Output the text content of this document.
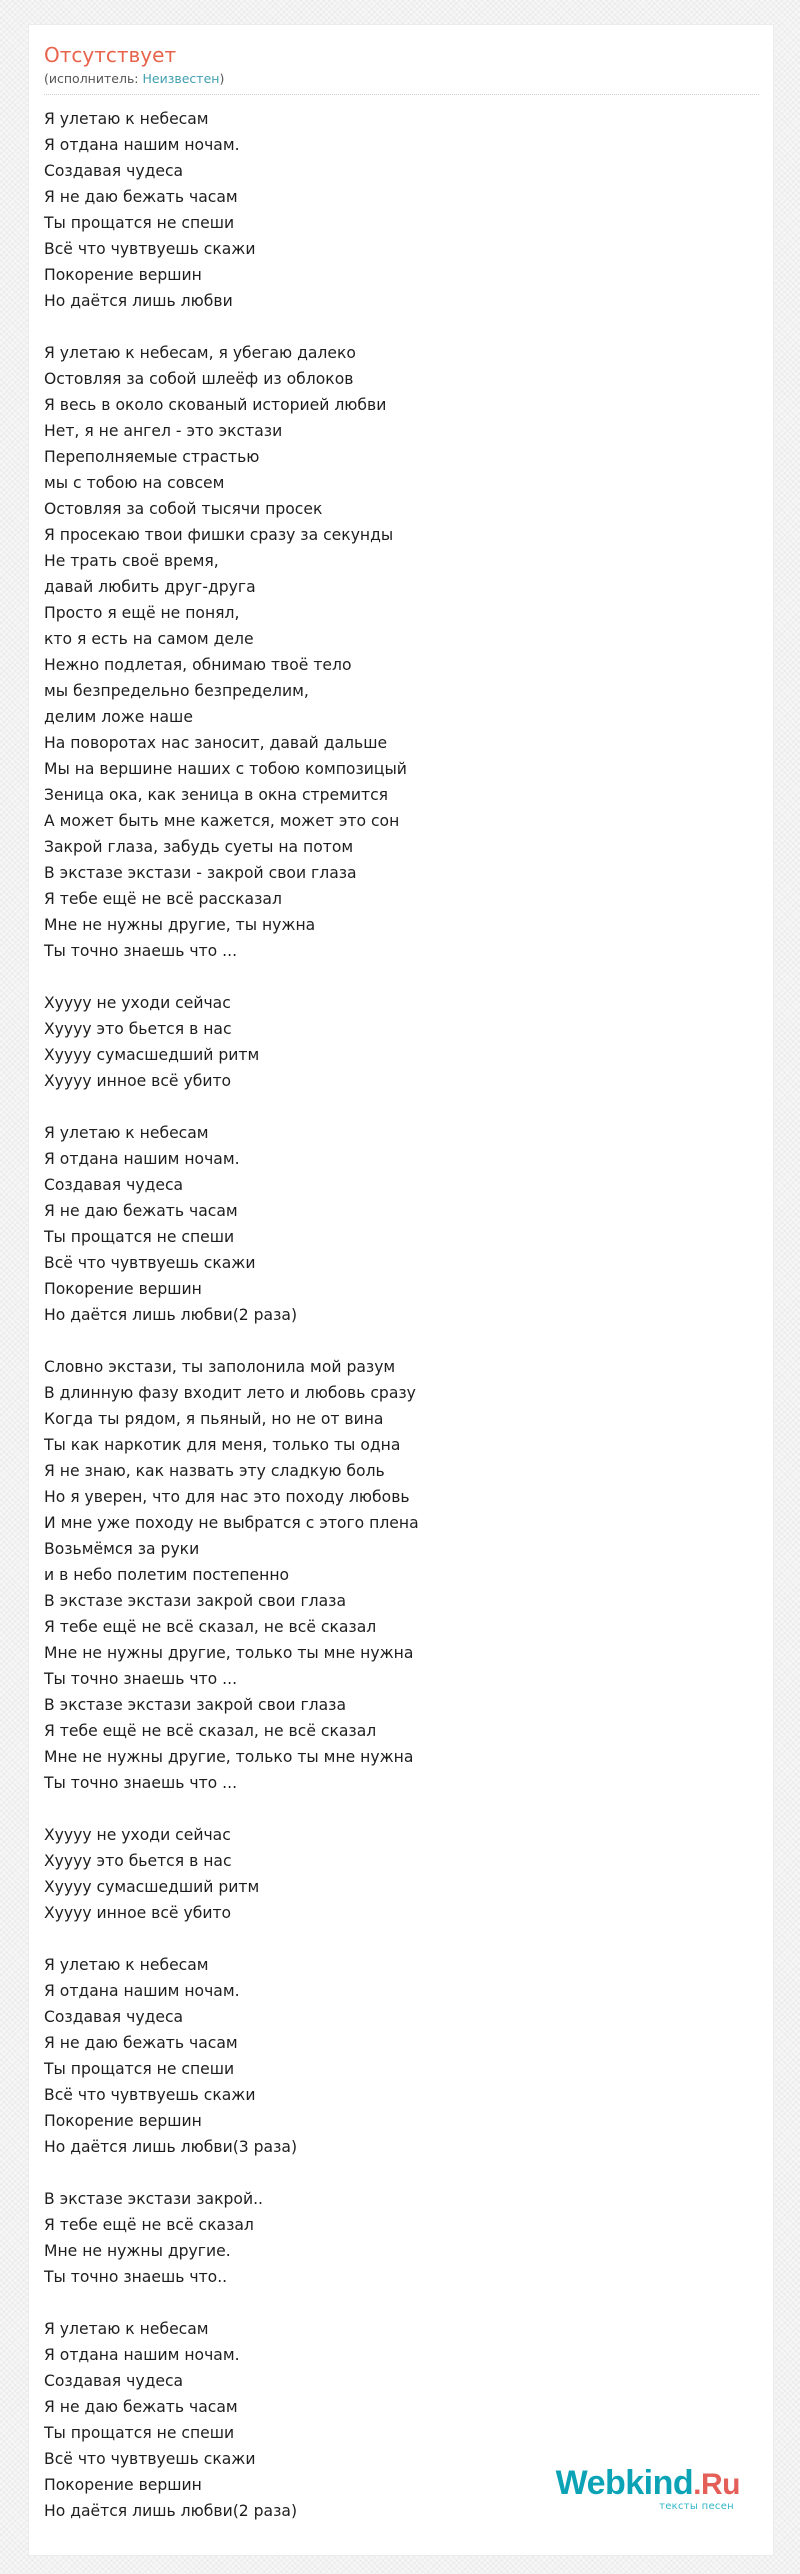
Отсутствует
(исполнитель: Неизвестен)
Я улетаю к небесам
Я отдана нашим ночам.
Создавая чудеса
Я не даю бежать часам
Ты прощатся не спеши
Всё что чувтвуешь скажи
Покорение вершин
Но даётся лишь любви

Я улетаю к небесам, я убегаю далеко
Остовляя за собой шлеёф из облоков
Я весь в около скованый историей любви
Нет, я не ангел - это экстази
Переполняемые страстью
мы с тобою на совсем
Остовляя за собой тысячи просек
Я просекаю твои фишки сразу за секунды
Не трать своё время,
давай любить друг-друга
Просто я ещё не понял,
кто я есть на самом деле
Нежно подлетая, обнимаю твоё тело
мы безпредельно безпределим,
делим ложе наше
На поворотах нас заносит, давай дальше
Мы на вершине наших с тобою композицый
Зеница ока, как зеница в окна стремится
А может быть мне кажется, может это сон
Закрой глаза, забудь суеты на потом
В экстазе экстази - закрой свои глаза
Я тебе ещё не всё рассказал
Мне не нужны другие, ты нужна
Ты точно знаешь что ...

Хуууу не уходи сейчас
Хуууу это бьется в нас
Хуууу сумасшедший ритм
Хуууу инное всё убито

Я улетаю к небесам
Я отдана нашим ночам.
Создавая чудеса
Я не даю бежать часам
Ты прощатся не спеши
Всё что чувтвуешь скажи
Покорение вершин
Но даётся лишь любви(2 раза)

Словно экстази, ты заполонила мой разум
В длинную фазу входит лето и любовь сразу
Когда ты рядом, я пьяный, но не от вина
Ты как наркотик для меня, только ты одна
Я не знаю, как назвать эту сладкую боль
Но я уверен, что для нас это походу любовь
И мне уже походу не выбратся с этого плена
Возьмёмся за руки
и в небо полетим постепенно
В экстазе экстази закрой свои глаза
Я тебе ещё не всё сказал, не всё сказал
Мне не нужны другие, только ты мне нужна
Ты точно знаешь что ...
В экстазе экстази закрой свои глаза
Я тебе ещё не всё сказал, не всё сказал
Мне не нужны другие, только ты мне нужна
Ты точно знаешь что ...

Хуууу не уходи сейчас
Хуууу это бьется в нас
Хуууу сумасшедший ритм
Хуууу инное всё убито

Я улетаю к небесам
Я отдана нашим ночам.
Создавая чудеса
Я не даю бежать часам
Ты прощатся не спеши
Всё что чувтвуешь скажи
Покорение вершин
Но даётся лишь любви(3 раза)

В экстазе экстази закрой..
Я тебе ещё не всё сказал
Мне не нужны другие.
Ты точно знаешь что..

Я улетаю к небесам
Я отдана нашим ночам.
Создавая чудеса
Я не даю бежать часам
Ты прощатся не спеши
Всё что чувтвуешь скажи
Покорение вершин
Но даётся лишь любви(2 раза)
Webkind.Ru
тексты песен
